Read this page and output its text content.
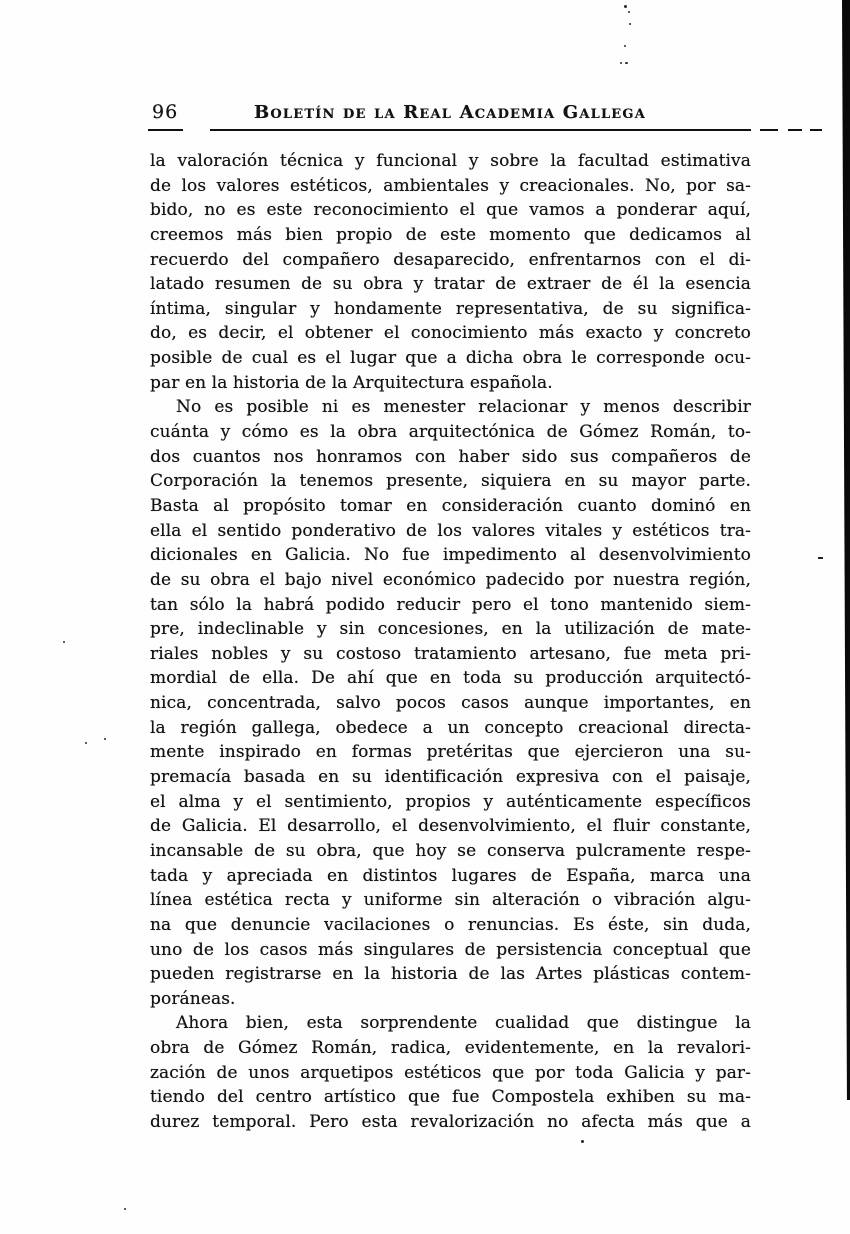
96	Boletín de la Real Academia Gallega
la valoración técnica y funcional y sobre la facultad estimativa
de los valores estéticos, ambientales y creacionales. No, por sa-
bido, no es este reconocimiento el que vamos a ponderar aquí,
creemos más bien propio de este momento que dedicamos al
recuerdo del compañero desaparecido, enfrentarnos con el di-
latado resumen de su obra y tratar de extraer de él la esencia
íntima, singular y hondamente representativa, de su significa-
do, es decir, el obtener el conocimiento más exacto y concreto
posible de cual es el lugar que a dicha obra le corresponde ocu-
par en la historia de la Arquitectura española.
No es posible ni es menester relacionar y menos describir
cuánta y cómo es la obra arquitectónica de Gómez Román, to-
dos cuantos nos honramos con haber sido sus compañeros de
Corporación la tenemos presente, siquiera en su mayor parte.
Basta al propósito tomar en consideración cuanto dominó en
ella el sentido ponderativo de los valores vitales y estéticos tra-
dicionales en Galicia. No fue impedimento al desenvolvimiento
de su obra el bajo nivel económico padecido por nuestra región,
tan sólo la habrá podido reducir pero el tono mantenido siem-
pre, indeclinable y sin concesiones, en la utilización de mate-
riales nobles y su costoso tratamiento artesano, fue meta pri-
mordial de ella. De ahí que en toda su producción arquitectó-
nica, concentrada, salvo pocos casos aunque importantes, en
la región gallega, obedece a un concepto creacional directa-
mente inspirado en formas pretéritas que ejercieron una su-
premacía basada en su identificación expresiva con el paisaje,
el alma y el sentimiento, propios y auténticamente específicos
de Galicia. El desarrollo, el desenvolvimiento, el fluir constante,
incansable de su obra, que hoy se conserva pulcramente respe-
tada y apreciada en distintos lugares de España, marca una
línea estética recta y uniforme sin alteración o vibración algu-
na que denuncie vacilaciones o renuncias. Es éste, sin duda,
uno de los casos más singulares de persistencia conceptual que
pueden registrarse en la historia de las Artes plásticas contem-
poráneas.
Ahora bien, esta sorprendente cualidad que distingue la
obra de Gómez Román, radica, evidentemente, en la revalori-
zación de unos arquetipos estéticos que por toda Galicia y par-
tiendo del centro artístico que fue Compostela exhiben su ma-
durez temporal. Pero esta revalorización no afecta más que a
